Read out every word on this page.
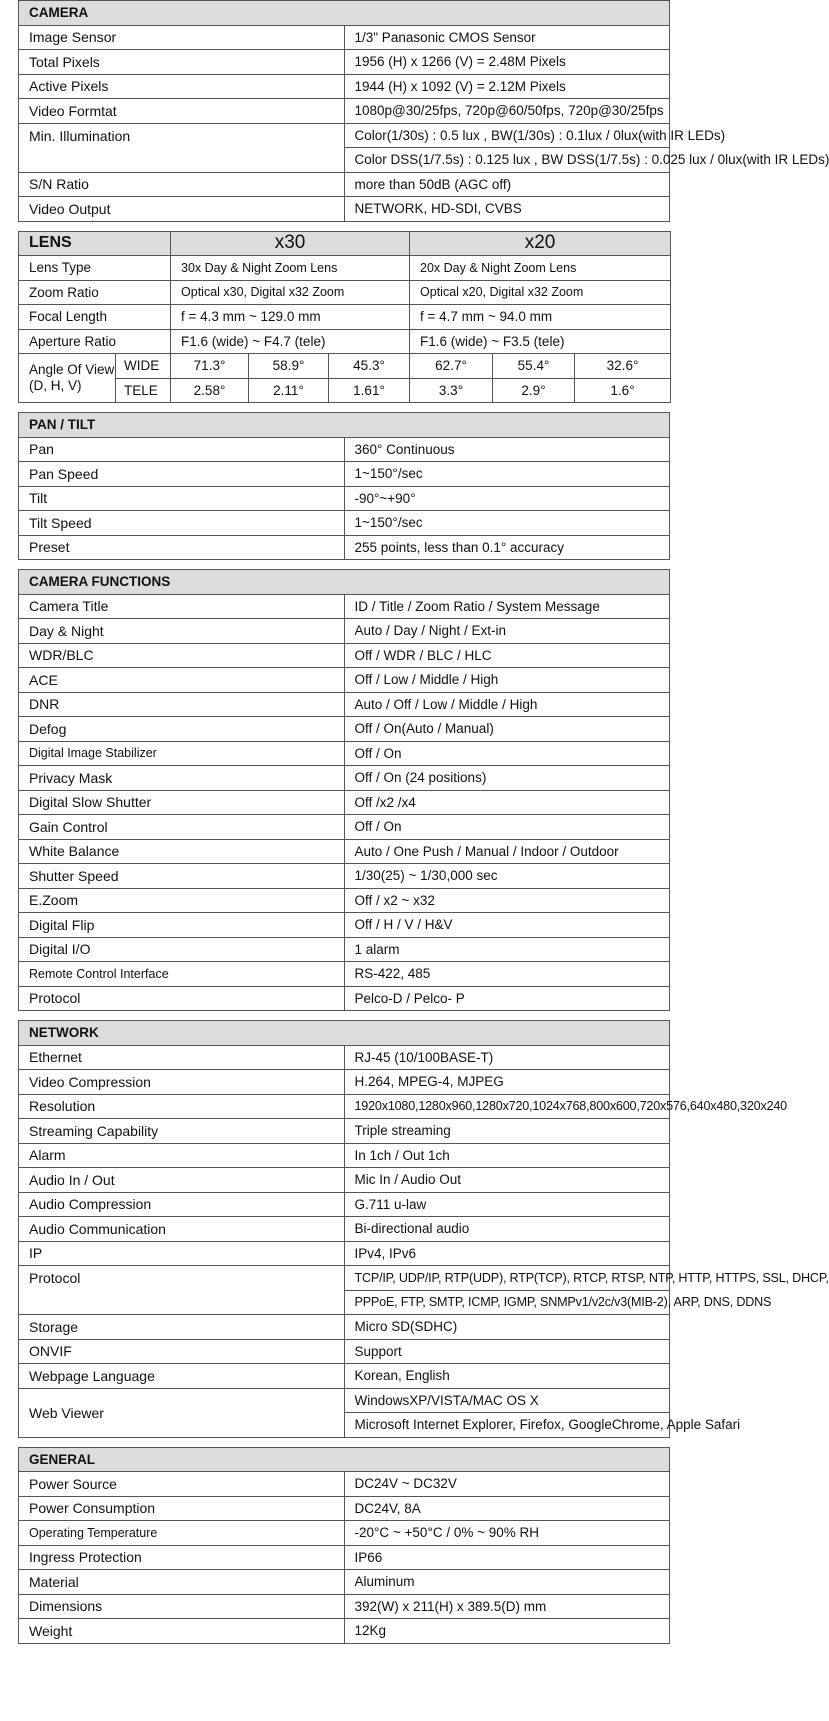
CAMERA	
Image Sensor	1/3" Panasonic CMOS Sensor
Total Pixels	1956 (H) x 1266 (V) = 2.48M Pixels
Active Pixels	1944 (H) x 1092 (V) = 2.12M Pixels
Video Formtat	1080p@30/25fps, 720p@60/50fps, 720p@30/25fps
Min. Illumination	Color(1/30s) : 0.5 lux , BW(1/30s) : 0.1lux / 0lux(with IR LEDs)
	Color DSS(1/7.5s) : 0.125 lux , BW DSS(1/7.5s) : 0.025 lux / 0lux(with IR LEDs)
S/N Ratio	more than 50dB (AGC off)
Video Output	NETWORK, HD-SDI, CVBS
LENS		x30			x20		
Lens Type		30x Day & Night Zoom Lens			20x Day & Night Zoom Lens		
Zoom Ratio		Optical x30, Digital x32 Zoom			Optical x20, Digital x32 Zoom		
Focal Length		f = 4.3 mm ~ 129.0 mm			f = 4.7 mm ~ 94.0 mm		
Aperture Ratio		F1.6 (wide) ~ F4.7 (tele)			F1.6 (wide) ~ F3.5 (tele)		
Angle Of View
(D, H, V)	WIDE	71.3°	58.9°	45.3°	62.7°	55.4°	32.6°
	TELE	2.58°	2.11°	1.61°	3.3°	2.9°	1.6°
PAN / TILT	
Pan	360° Continuous
Pan Speed	1~150°/sec
Tilt	-90°~+90°
Tilt Speed	1~150°/sec
Preset	255 points, less than 0.1° accuracy
CAMERA FUNCTIONS	
Camera Title	ID / Title / Zoom Ratio / System Message
Day & Night	Auto / Day / Night / Ext-in
WDR/BLC	Off / WDR / BLC / HLC
ACE	Off / Low / Middle / High
DNR	Auto / Off / Low / Middle / High
Defog	Off / On(Auto / Manual)
Digital Image Stabilizer	Off / On
Privacy Mask	Off / On (24 positions)
Digital Slow Shutter	Off /x2 /x4
Gain Control	Off / On
White Balance	Auto / One Push / Manual / Indoor / Outdoor
Shutter Speed	1/30(25) ~ 1/30,000 sec
E.Zoom	Off / x2 ~ x32
Digital Flip	Off / H / V / H&V
Digital I/O	1 alarm
Remote Control Interface	RS-422, 485
Protocol	Pelco-D / Pelco- P
NETWORK	
Ethernet	RJ-45 (10/100BASE-T)
Video Compression	H.264, MPEG-4, MJPEG
Resolution	1920x1080,1280x960,1280x720,1024x768,800x600,720x576,640x480,320x240
Streaming Capability	Triple streaming
Alarm	In 1ch / Out 1ch
Audio In / Out	Mic In / Audio Out
Audio Compression	G.711 u-law
Audio Communication	Bi-directional audio
IP	IPv4, IPv6
Protocol	TCP/IP, UDP/IP, RTP(UDP), RTP(TCP), RTCP, RTSP, NTP, HTTP, HTTPS, SSL, DHCP,
	PPPoE, FTP, SMTP, ICMP, IGMP, SNMPv1/v2c/v3(MIB-2), ARP, DNS, DDNS
Storage	Micro SD(SDHC)
ONVIF	Support
Webpage Language	Korean, English
Web Viewer	WindowsXP/VISTA/MAC OS X
	Microsoft Internet Explorer, Firefox, GoogleChrome, Apple Safari
GENERAL	
Power Source	DC24V ~ DC32V
Power Consumption	DC24V, 8A
Operating Temperature	-20°C ~ +50°C / 0% ~ 90% RH
Ingress Protection	IP66
Material	Aluminum
Dimensions	392(W) x 211(H) x 389.5(D) mm
Weight	12Kg
